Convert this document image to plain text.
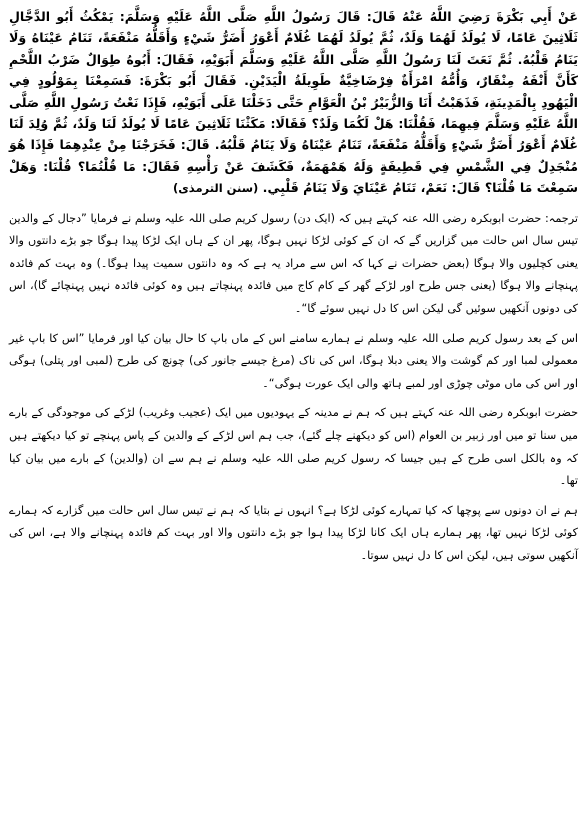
عَنْ أَبِي بَكْرَةَ رَضِيَ اللَّهُ عَنْهُ قَالَ: قَالَ رَسُولُ اللَّهِ صَلَّى اللَّهُ عَلَيْهِ وَسَلَّمَ: يَمْكُثُ أَبُو الدَّجَّالِ ثَلَاثِينَ عَامًا، لَا يُولَدُ لَهُمَا وَلَدٌ، ثُمَّ يُولَدُ لَهُمَا غُلَامٌ أَعْوَرُ أَضَرُّ شَيْءٍ وَأَقَلُّهُ مَنْفَعَةً، تَنَامُ عَيْنَاهُ وَلَا يَنَامُ قَلْبُهُ. ثُمَّ نَعَتَ لَنَا رَسُولُ اللَّهِ صَلَّى اللَّهُ عَلَيْهِ وَسَلَّمَ أَبَوَيْهِ، فَقَالَ: أَبُوهُ طِوَالٌ ضَرْبُ اللَّحْمِ كَأَنَّ أَنْفَهُ مِنْقَارٌ، وَأُمُّهُ امْرَأَةٌ فِرْضَاخِيَّةٌ طَوِيلَةُ الْيَدَيْنِ. فَقَالَ أَبُو بَكْرَةَ: فَسَمِعْنَا بِمَوْلُودٍ فِي الْيَهُودِ بِالْمَدِينَةِ، فَذَهَبْتُ أَنَا وَالزُّبَيْرُ بْنُ الْعَوَّامِ حَتَّى دَخَلْنَا عَلَى أَبَوَيْهِ، فَإِذَا نَعْتُ رَسُولِ اللَّهِ صَلَّى اللَّهُ عَلَيْهِ وَسَلَّمَ فِيهِمَا، فَقُلْنَا: هَلْ لَكُمَا وَلَدٌ؟ فَقَالَا: مَكَثْنَا ثَلَاثِينَ عَامًا لَا يُولَدُ لَنَا وَلَدٌ، ثُمَّ وُلِدَ لَنَا غُلَامٌ أَعْوَرُ أَضَرُّ شَيْءٍ وَأَقَلُّهُ مَنْفَعَةً، تَنَامُ عَيْنَاهُ وَلَا يَنَامُ قَلْبُهُ. قَالَ: فَخَرَجْنَا مِنْ عِنْدِهِمَا فَإِذَا هُوَ مُنْجَدِلٌ فِي الشَّمْسِ فِي قَطِيفَةٍ وَلَهُ هَمْهَمَةٌ، فَكَشَفَ عَنْ رَأْسِهِ فَقَالَ: مَا قُلْتُمَا؟ قُلْنَا: وَهَلْ سَمِعْتَ مَا قُلْنَا؟ قَالَ: نَعَمْ، تَنَامُ عَيْنَايَ وَلَا يَنَامُ قَلْبِي. (سنن الترمذی)

ترجمہ: حضرت ابوبکرہ رضی اللہ عنہ کہتے ہیں کہ (ایک دن) رسول کریم صلی اللہ علیہ وسلم نے فرمایا ”دجال کے والدین تیس سال اس حالت میں گزاریں گے کہ ان کے کوئی لڑکا نہیں ہوگا، پھر ان کے ہاں ایک لڑکا پیدا ہوگا جو بڑے دانتوں والا یعنی کچلیوں والا ہوگا (بعض حضرات نے کہا کہ اس سے مراد یہ ہے کہ وہ دانتوں سمیت پیدا ہوگا۔) وہ بہت کم فائدہ پہنچانے والا ہوگا (یعنی جس طرح اور لڑکے گھر کے کام کاج میں فائدہ پہنچاتے ہیں وہ کوئی فائدہ نہیں پہنچائے گا)، اس کی دونوں آنکھیں سوئیں گی لیکن اس کا دل نہیں سوئے گا“۔

اس کے بعد رسول کریم صلی اللہ علیہ وسلم نے ہمارے سامنے اس کے ماں باپ کا حال بیان کیا اور فرمایا ”اس کا باپ غیر معمولی لمبا اور کم گوشت والا یعنی دبلا ہوگا، اس کی ناک (مرغ جیسے جانور کی) چونچ کی طرح (لمبی اور پتلی) ہوگی اور اس کی ماں موٹی چوڑی اور لمبے ہاتھ والی ایک عورت ہوگی“۔

حضرت ابوبکرہ رضی اللہ عنہ کہتے ہیں کہ ہم نے مدینہ کے یہودیوں میں ایک (عجیب وغریب) لڑکے کی موجودگی کے بارے میں سنا تو میں اور زبیر بن العوام (اس کو دیکھنے چلے گئے)، جب ہم اس لڑکے کے والدین کے پاس پہنچے تو کیا دیکھتے ہیں کہ وہ بالکل اسی طرح کے ہیں جیسا کہ رسول کریم صلی اللہ علیہ وسلم نے ہم سے ان (والدین) کے بارے میں بیان کیا تھا۔

ہم نے ان دونوں سے پوچھا کہ کیا تمہارے کوئی لڑکا ہے؟ انہوں نے بتایا کہ ہم نے تیس سال اس حالت میں گزارے کہ ہمارے کوئی لڑکا نہیں تھا، پھر ہمارے ہاں ایک کانا لڑکا پیدا ہوا جو بڑے دانتوں والا اور بہت کم فائدہ پہنچانے والا ہے، اس کی آنکھیں سوتی ہیں، لیکن اس کا دل نہیں سوتا۔
